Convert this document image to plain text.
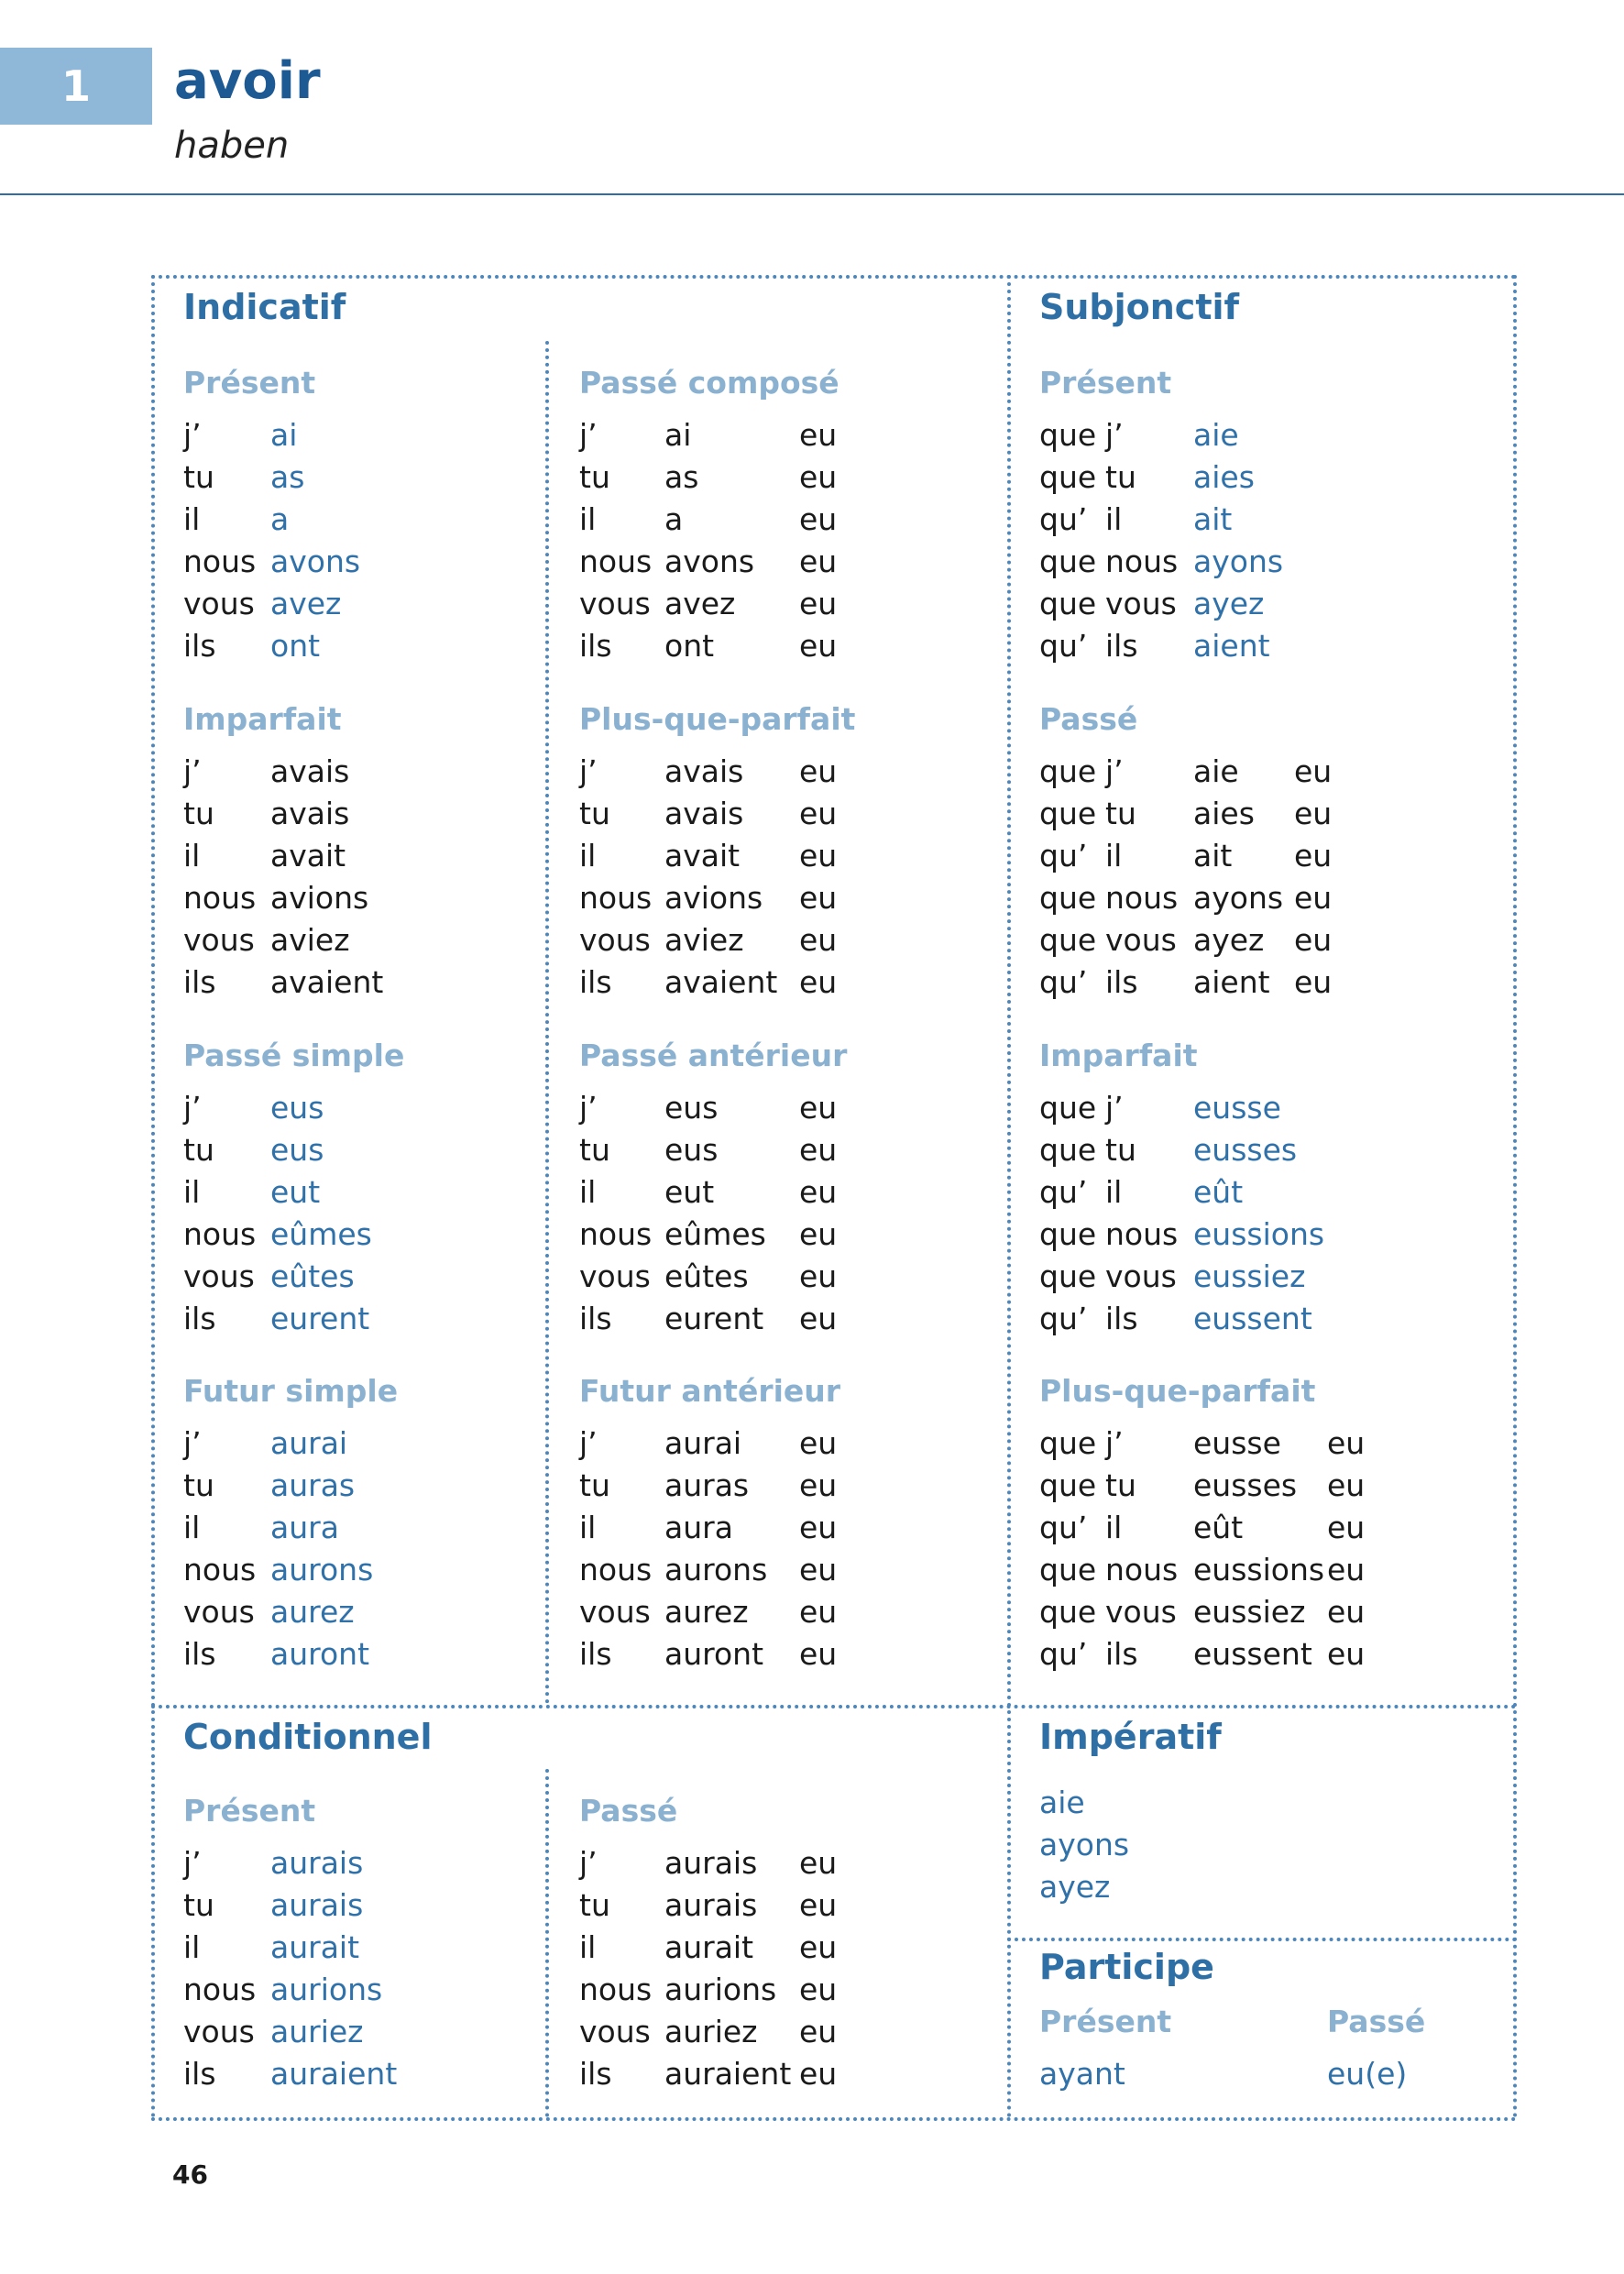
1	avoir
haben
Indicatif
Présent
j’ ai
tu as
il a
nous avons
vous avez
ils ont
Passé composé
j’ ai	eu
tu as	eu
il a	eu
nous avons eu
vous avez eu
ils ont	eu
Imparfait
j’ avais
tu avais
il avait
nous avions
vous aviez
ils avaient
Plus-que-parfait
j’ avais eu
tu avais eu
il avait eu
nous avions eu
vous aviez eu
ils avaient eu
Passé simple
j’ eus
tu eus
il eut
nous eûmes
vous eûtes
ils eurent
Passé antérieur
j’ eus	eu
tu eus	eu
il eut	eu
nous eûmes eu
vous eûtes eu
ils eurent eu
Futur simple
j’ aurai
tu auras
il aura
nous aurons
vous aurez
ils auront
Futur antérieur
j’ aurai eu
tu auras eu
il aura eu
nous aurons eu
vous aurez eu
ils auront eu
Subjonctif
Présent
que j’ aie
que tu aies
qu’ il ait
que nous ayons
que vous ayez
qu’ ils aient
Passé
que j’ aie eu
que tu aies eu
qu’ il ait eu
que nous ayons eu
que vous ayez eu
qu’ ils aient eu
Imparfait
que j’ eusse
que tu eusses
qu’ il eût
que nous eussions
que vous eussiez
qu’ ils eussent
Plus-que-parfait
que j’ eusse eu
que tu eusses eu
qu’ il eût	eu
que nous eussions eu
que vous eussiez eu
qu’ ils eussent eu
Conditionnel
Présent
j’ aurais
tu aurais
il aurait
nous aurions
vous auriez
ils auraient
Passé
j’ aurais eu
tu aurais eu
il aurait eu
nous aurions eu
vous auriez eu
ils auraient eu
Impératif
aie
ayons
ayez
Participe
Présent	Passé
ayant	eu(e)
46
